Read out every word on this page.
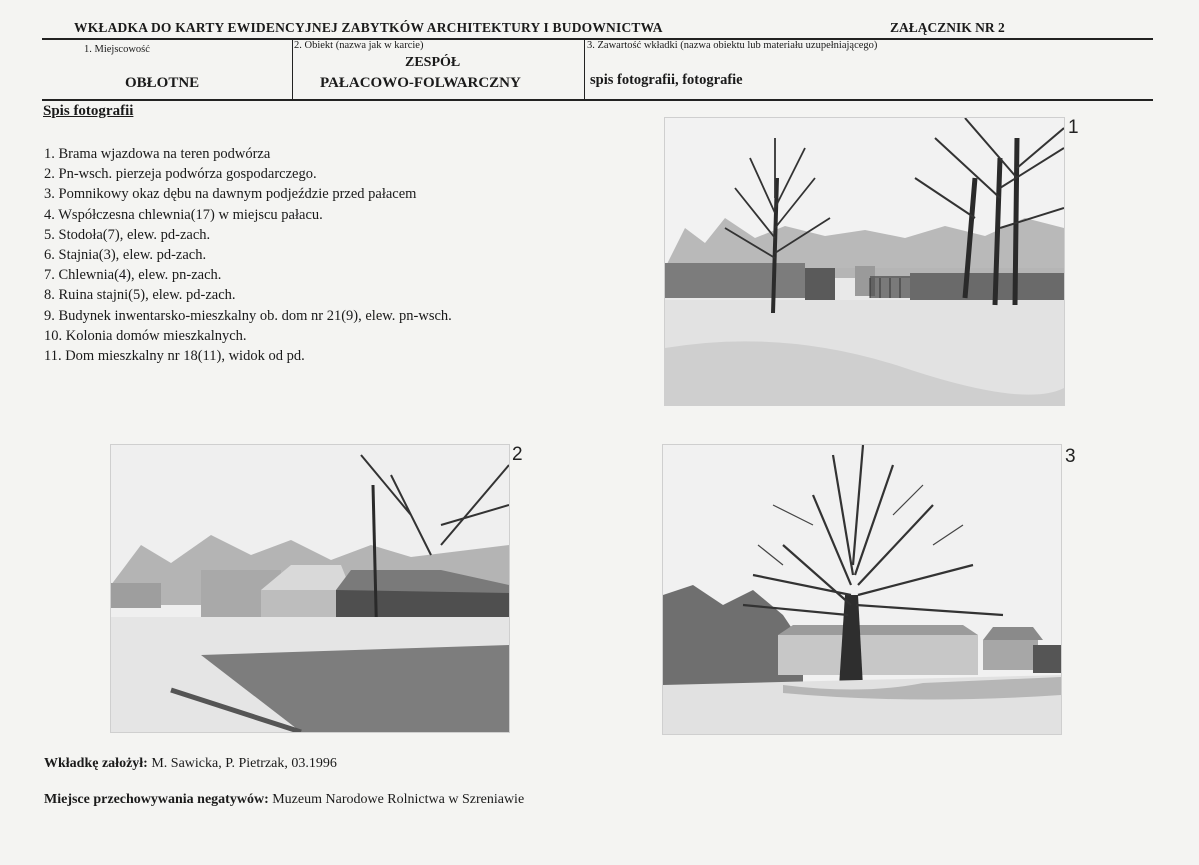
WKŁADKA DO KARTY EWIDENCYJNEJ ZABYTKÓW ARCHITEKTURY I BUDOWNICTWA	ZAŁĄCZNIK NR 2
1. Miejscowość
OBŁOTNE
2. Obiekt (nazwa jak w karcie)
ZESPÓŁ
PAŁACOWO-FOLWARCZNY
3. Zawartość wkładki (nazwa obiektu lub materiału uzupełniającego)
spis fotografii, fotografie
Spis fotografii
1. Brama wjazdowa na teren podwórza
2. Pn-wsch. pierzeja podwórza gospodarczego.
3. Pomnikowy okaz dębu na dawnym podjeździe przed pałacem
4. Współczesna chlewnia(17) w miejscu pałacu.
5. Stodoła(7), elew. pd-zach.
6. Stajnia(3), elew. pd-zach.
7. Chlewnia(4), elew. pn-zach.
8. Ruina stajni(5), elew. pd-zach.
9. Budynek inwentarsko-mieszkalny ob. dom nr 21(9), elew. pn-wsch.
10. Kolonia domów mieszkalnych.
11. Dom mieszkalny nr 18(11), widok od pd.
1
2	3
Wkładkę założył: M. Sawicka, P. Pietrzak, 03.1996
Miejsce przechowywania negatywów: Muzeum Narodowe Rolnictwa w Szreniawie
